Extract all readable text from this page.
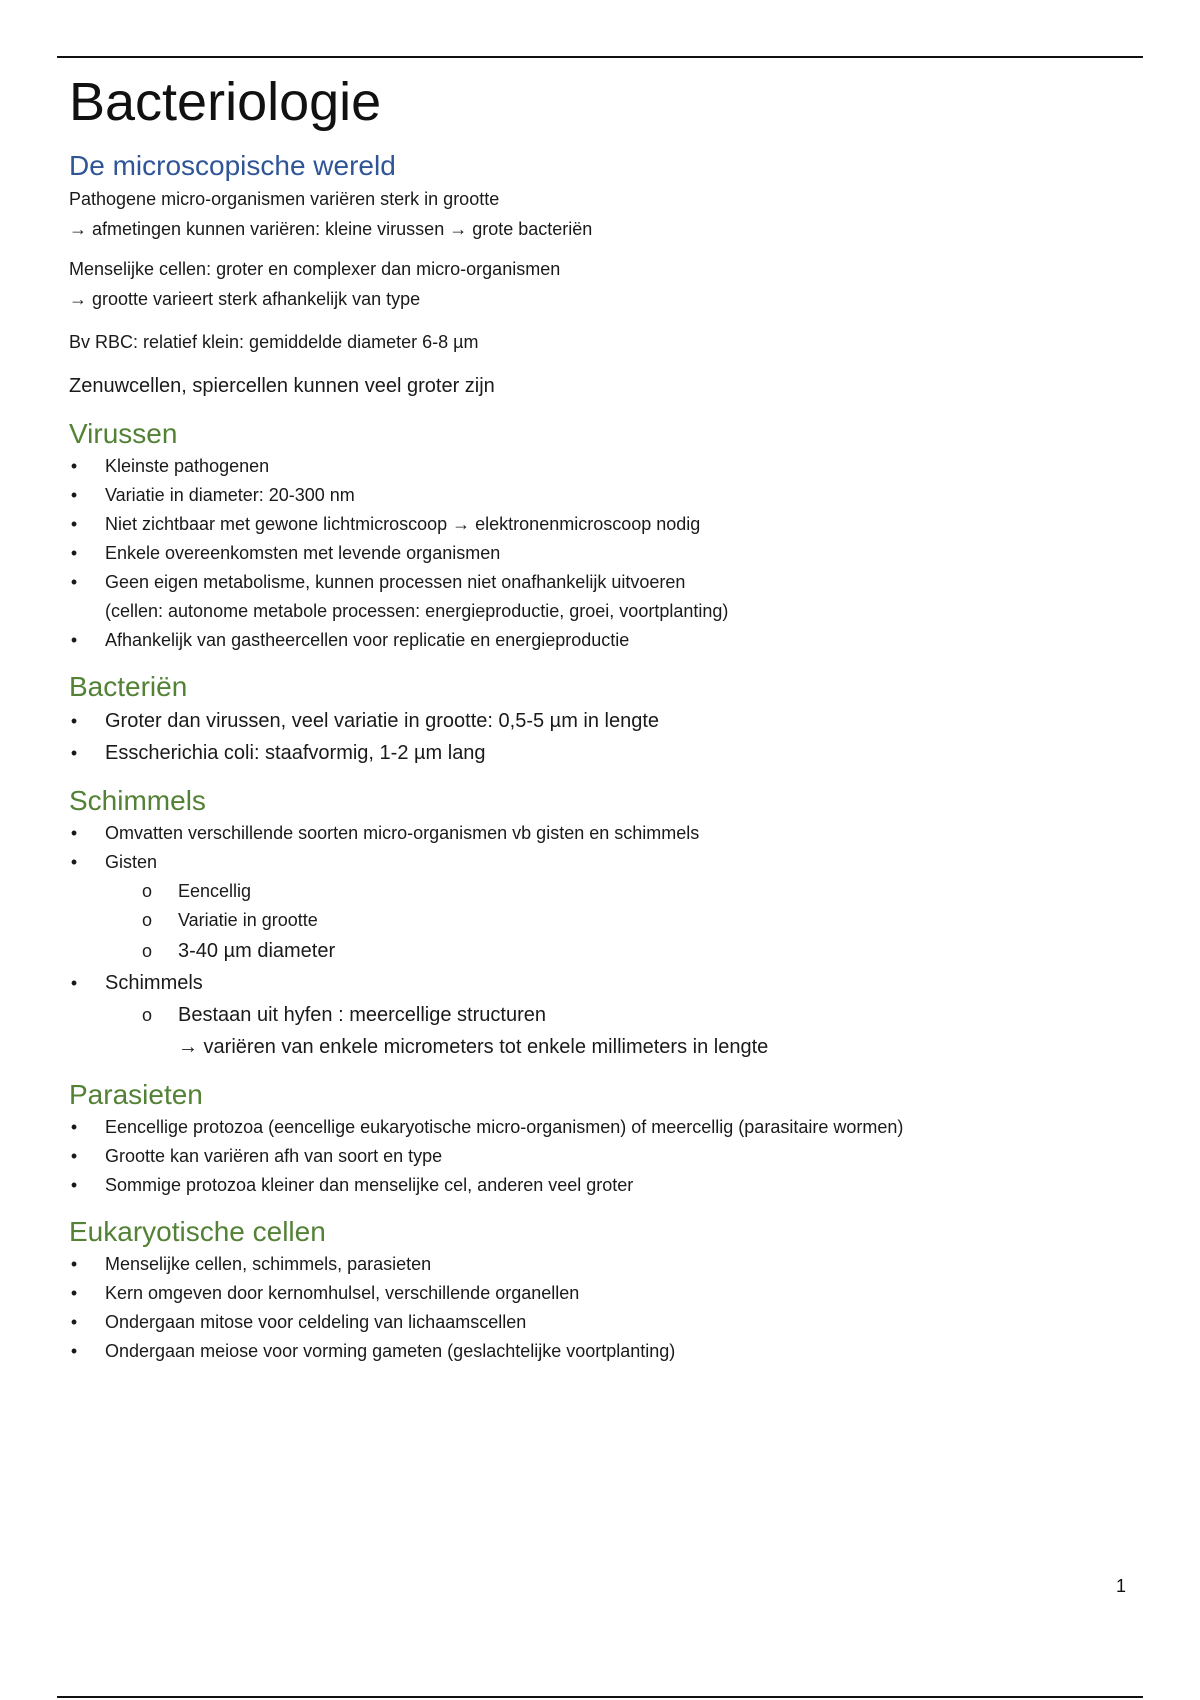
Bacteriologie
De microscopische wereld

Pathogene micro-organismen variëren sterk in grootte

→ afmetingen kunnen variëren: kleine virussen → grote bacteriën

Menselijke cellen: groter en complexer dan micro-organismen

→ grootte varieert sterk afhankelijk van type

Bv RBC: relatief klein: gemiddelde diameter 6-8 µm

Zenuwcellen, spiercellen kunnen veel groter zijn

Virussen
• Kleinste pathogenen
• Variatie in diameter: 20-300 nm
• Niet zichtbaar met gewone lichtmicroscoop → elektronenmicroscoop nodig
• Enkele overeenkomsten met levende organismen
• Geen eigen metabolisme, kunnen processen niet onafhankelijk uitvoeren
(cellen: autonome metabole processen: energieproductie, groei, voortplanting)
• Afhankelijk van gastheercellen voor replicatie en energieproductie
Bacteriën
• Groter dan virussen, veel variatie in grootte: 0,5-5 µm in lengte
• Esscherichia coli: staafvormig, 1-2 µm lang
Schimmels
• Omvatten verschillende soorten micro-organismen vb gisten en schimmels
• Gisten
o Eencellig
o Variatie in grootte
o 3-40 µm diameter
• Schimmels
o Bestaan uit hyfen : meercellige structuren
→ variëren van enkele micrometers tot enkele millimeters in lengte
Parasieten
• Eencellige protozoa (eencellige eukaryotische micro-organismen) of meercellig (parasitaire wormen)
• Grootte kan variëren afh van soort en type
• Sommige protozoa kleiner dan menselijke cel, anderen veel groter
Eukaryotische cellen
• Menselijke cellen, schimmels, parasieten
• Kern omgeven door kernomhulsel, verschillende organellen
• Ondergaan mitose voor celdeling van lichaamscellen
• Ondergaan meiose voor vorming gameten (geslachtelijke voortplanting)
1
